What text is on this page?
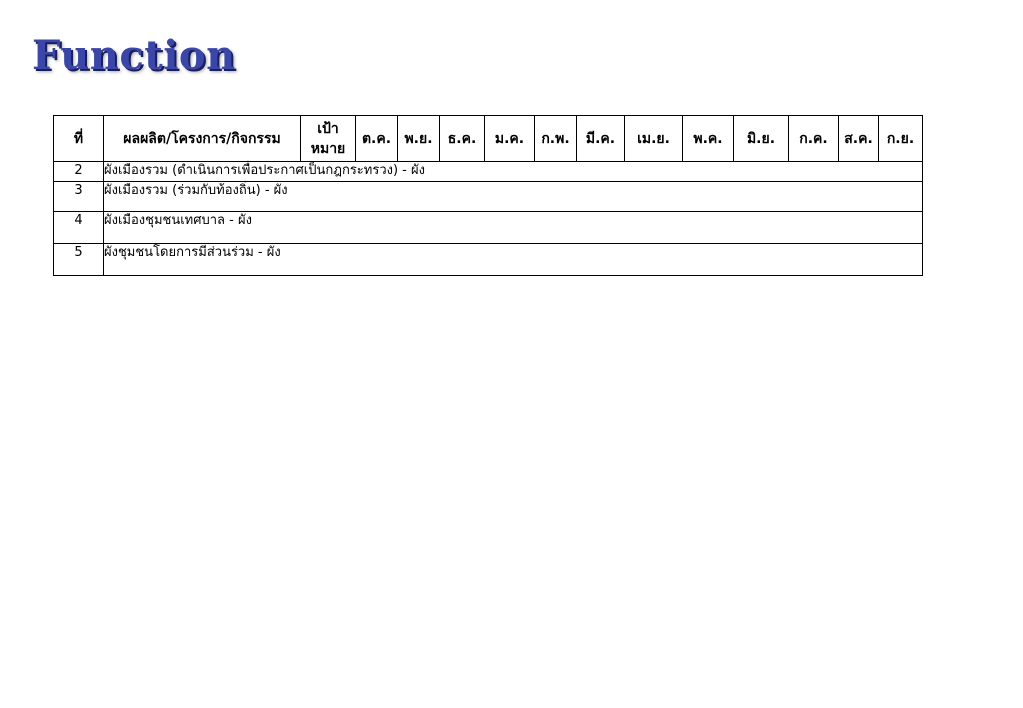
Function
ที่	ผลผลิต/โครงการ/กิจกรรม	เป้าหมาย	ต.ค.	พ.ย.	ธ.ค.	ม.ค.	ก.พ.	มี.ค.	เม.ย.	พ.ค.	มิ.ย.	ก.ค.	ส.ค.	ก.ย.
2	ผังเมืองรวม (ดำเนินการเพื่อประกาศเป็นกฎกระทรวง) - ผัง													
3	ผังเมืองรวม (ร่วมกับท้องถิ่น) - ผัง													
4	ผังเมืองชุมชนเทศบาล - ผัง													
5	ผังชุมชนโดยการมีส่วนร่วม - ผัง													
